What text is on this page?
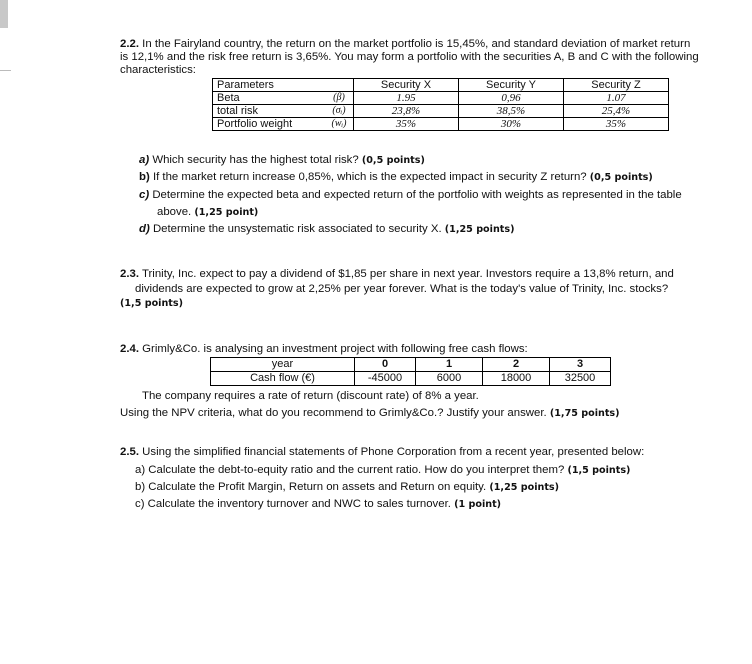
2.2. In the Fairyland country, the return on the market portfolio is 15,45%, and standard deviation of market return
is 12,1% and the risk free return is 3,65%. You may form a portfolio with the securities A, B and C with the following
characteristics:
Parameters		Security X	Security Y	Security Z
Beta	(β)	1.95	0,96	1.07
total risk	(σᵢ)	23,8%	38,5%	25,4%
Portfolio weight	(wᵢ)	35%	30%	35%
a) Which security has the highest total risk? (0,5 points)
b) If the market return increase 0,85%, which is the expected impact in security Z return? (0,5 points)
c) Determine the expected beta and expected return of the portfolio with weights as represented in the table
above. (1,25 point)
d) Determine the unsystematic risk associated to security X. (1,25 points)
2.3. Trinity, Inc. expect to pay a dividend of $1,85 per share in next year. Investors require a 13,8% return, and
dividends are expected to grow at 2,25% per year forever. What is the today's value of Trinity, Inc. stocks?
(1,5 points)
2.4. Grimly&Co. is analysing an investment project with following free cash flows:
year	0	1	2	3
Cash flow (€)	-45000	6000	18000	32500
The company requires a rate of return (discount rate) of 8% a year.
Using the NPV criteria, what do you recommend to Grimly&Co.? Justify your answer. (1,75 points)
2.5. Using the simplified financial statements of Phone Corporation from a recent year, presented below:
a) Calculate the debt-to-equity ratio and the current ratio. How do you interpret them? (1,5 points)
b) Calculate the Profit Margin, Return on assets and Return on equity. (1,25 points)
c) Calculate the inventory turnover and NWC to sales turnover. (1 point)
